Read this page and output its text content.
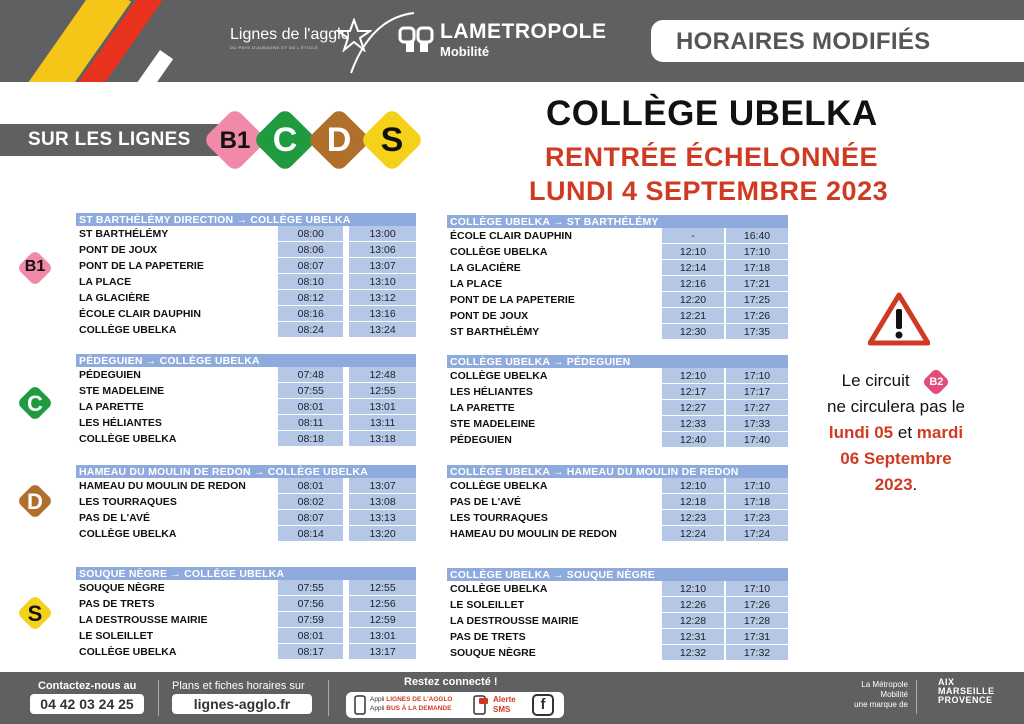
Lignes de l'agglo
DU PAYS D'AUBAGNE ET DE L'ÉTOILE
LAMETROPOLE
Mobilité	HORAIRES MODIFIÉS
SUR LES LIGNES	B1 C D S
COLLÈGE UBELKA
RENTRÉE ÉCHELONNÉE
LUNDI 4 SEPTEMBRE 2023
B1
C
D
S
ST BARTHÉLÉMY DIRECTION → COLLÈGE UBELKA			
ST BARTHÉLÉMY	08:00		13:00
PONT DE JOUX	08:06		13:06
PONT DE LA PAPETERIE	08:07		13:07
LA PLACE	08:10		13:10
LA GLACIÈRE	08:12		13:12
ÉCOLE CLAIR DAUPHIN	08:16		13:16
COLLÈGE UBELKA	08:24		13:24
COLLÈGE UBELKA → ST BARTHÉLÉMY			
ÉCOLE CLAIR DAUPHIN	-		16:40
COLLÈGE UBELKA	12:10		17:10
LA GLACIÈRE	12:14		17:18
LA PLACE	12:16		17:21
PONT DE LA PAPETERIE	12:20		17:25
PONT DE JOUX	12:21		17:26
ST BARTHÉLÉMY	12:30		17:35
PÉDEGUIEN → COLLÈGE UBELKA			
PÉDEGUIEN	07:48		12:48
STE MADELEINE	07:55		12:55
LA PARETTE	08:01		13:01
LES HÉLIANTES	08:11		13:11
COLLÈGE UBELKA	08:18		13:18
COLLÈGE UBELKA → PÉDEGUIEN			
COLLÈGE UBELKA	12:10		17:10
LES HÉLIANTES	12:17		17:17
LA PARETTE	12:27		17:27
STE MADELEINE	12:33		17:33
PÉDEGUIEN	12:40		17:40
HAMEAU DU MOULIN DE REDON → COLLÈGE UBELKA			
HAMEAU DU MOULIN DE REDON	08:01		13:07
LES TOURRAQUES	08:02		13:08
PAS DE L'AVÉ	08:07		13:13
COLLÈGE UBELKA	08:14		13:20
COLLÈGE UBELKA → HAMEAU DU MOULIN DE REDON			
COLLÈGE UBELKA	12:10		17:10
PAS DE L'AVÉ	12:18		17:18
LES TOURRAQUES	12:23		17:23
HAMEAU DU MOULIN DE REDON	12:24		17:24
SOUQUE NÈGRE → COLLÈGE UBELKA			
SOUQUE NÈGRE	07:55		12:55
PAS DE TRETS	07:56		12:56
LA DESTROUSSE MAIRIE	07:59		12:59
LE SOLEILLET	08:01		13:01
COLLÈGE UBELKA	08:17		13:17
COLLÈGE UBELKA → SOUQUE NÈGRE			
COLLÈGE UBELKA	12:10		17:10
LE SOLEILLET	12:26		17:26
LA DESTROUSSE MAIRIE	12:28		17:28
PAS DE TRETS	12:31		17:31
SOUQUE NÈGRE	12:32		17:32
Le circuit	B2
ne circulera pas le
lundi 05 et mardi
06 Septembre
2023.
Contactez-nous au
04 42 03 24 25
Plans et fiches horaires sur
lignes-agglo.fr
Restez connecté !
Appli LIGNES DE L'AGGLO
Appli BUS À LA DEMANDE
Alerte
SMS	f
La Métropole
Mobilité
une marque de
AIX
MARSEILLE
PROVENCE
